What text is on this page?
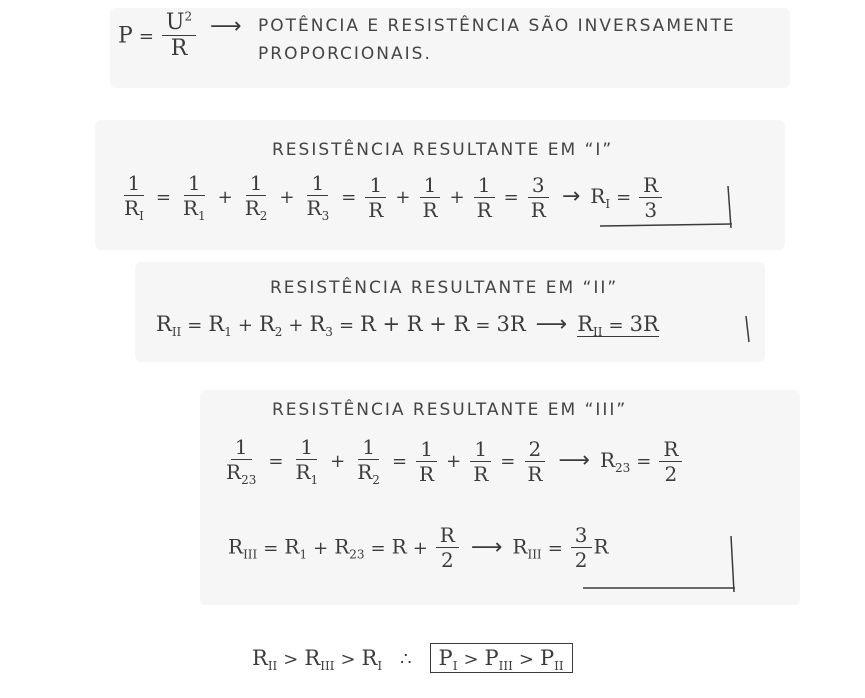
$P = \frac{U^2}{R}$ ⟶ POTÊNCIA E RESISTÊNCIA SÃO INVERSAMENTE
PROPORCIONAIS.
RESISTÊNCIA RESULTANTE EM “I”
$\frac{1}{R_I} = \frac{1}{R_1} + \frac{1}{R_2} + \frac{1}{R_3} = \frac{1}{R} + \frac{1}{R} + \frac{1}{R} = \frac{3}{R} \to R_I = \frac{R}{3}$
RESISTÊNCIA RESULTANTE EM “II”
$R_{II} = R_1 + R_2 + R_3 = R + R + R = 3R$ ⟶ $R_{II} = 3R$
RESISTÊNCIA RESULTANTE EM “III”
$\frac{1}{R_{23}} = \frac{1}{R_1} + \frac{1}{R_2} = \frac{1}{R} + \frac{1}{R} = \frac{2}{R}$ ⟶ $R_{23} = \frac{R}{2}$
$R_{III} = R_1 + R_{23} = R + \frac{R}{2}$ ⟶ $R_{III} = \frac{3}{2}$ R
$R_{II} > R_{III} > R_I$ ∴ $P_I > P_{III} > P_{II}$
